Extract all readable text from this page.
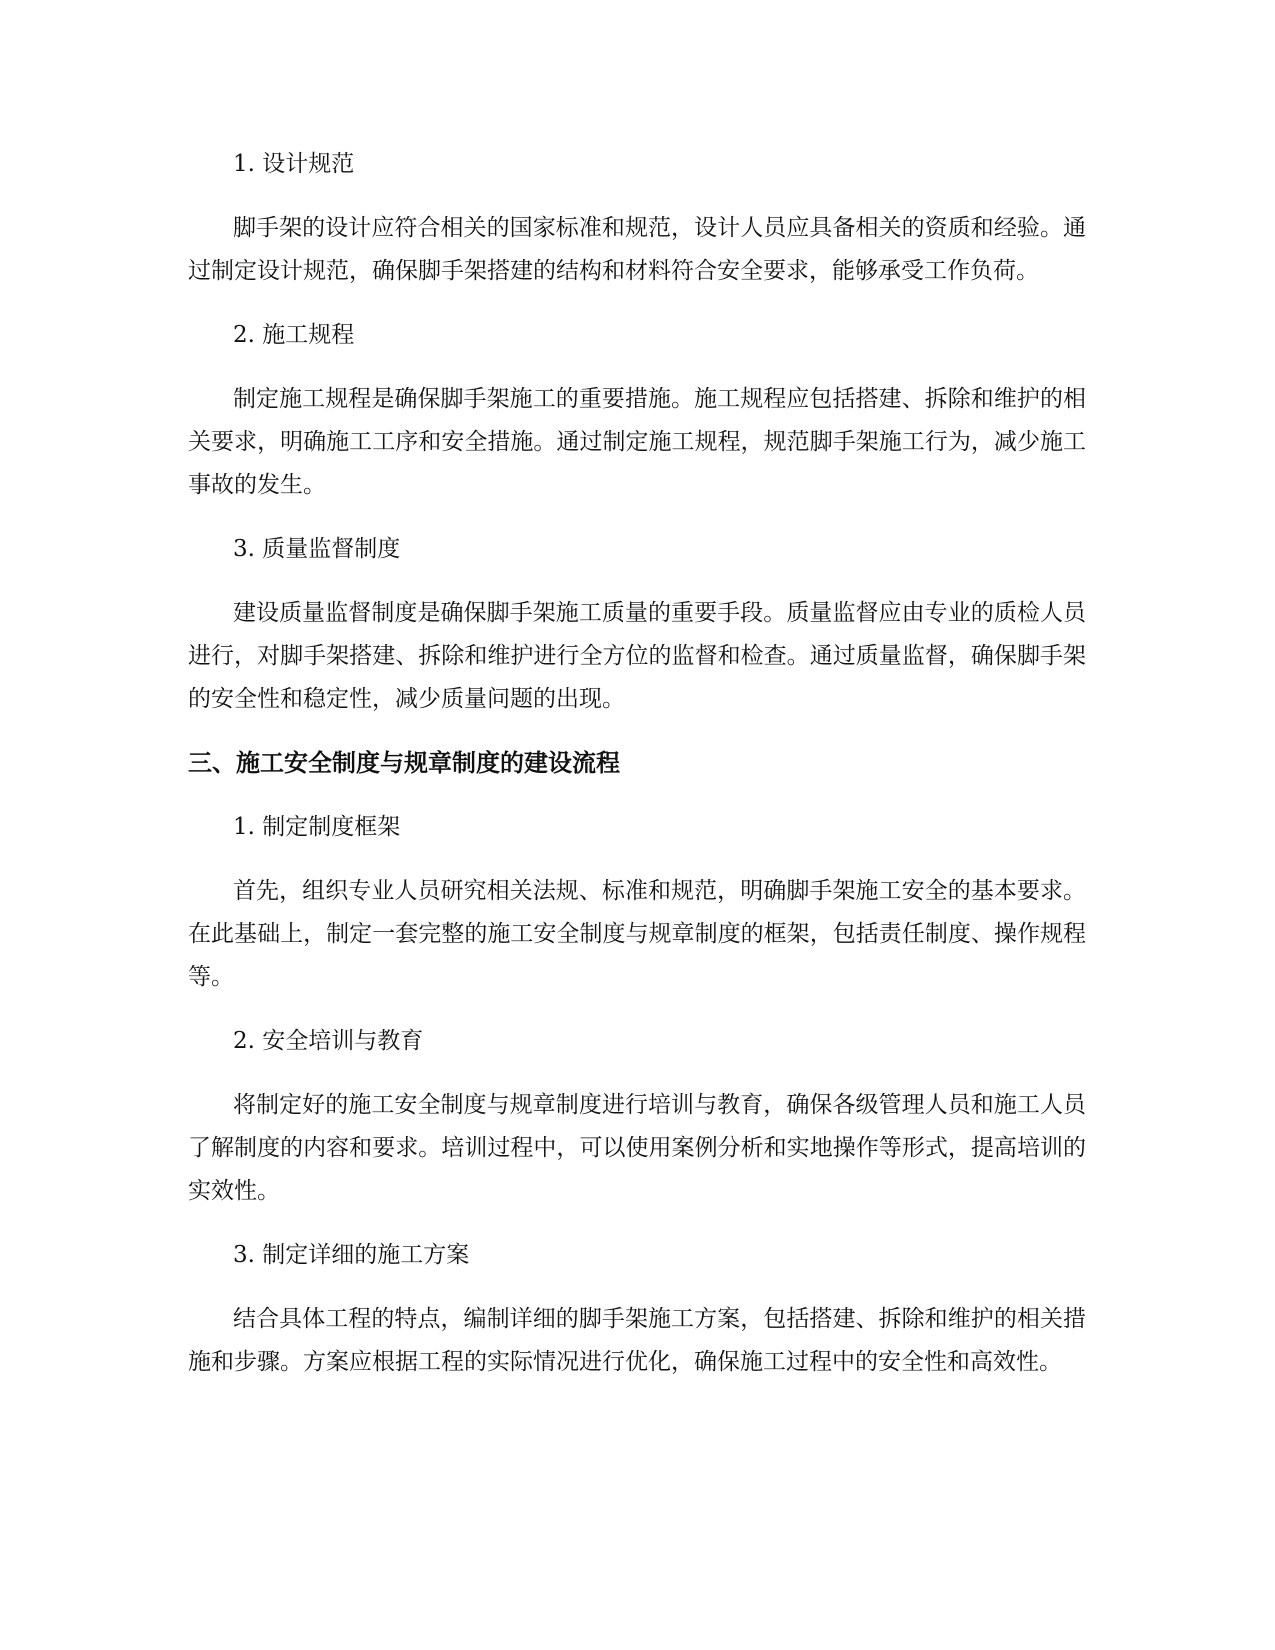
1. 设计规范

脚手架的设计应符合相关的国家标准和规范，设计人员应具备相关的资质和经验。通过制定设计规范，确保脚手架搭建的结构和材料符合安全要求，能够承受工作负荷。

2. 施工规程

制定施工规程是确保脚手架施工的重要措施。施工规程应包括搭建、拆除和维护的相关要求，明确施工工序和安全措施。通过制定施工规程，规范脚手架施工行为，减少施工事故的发生。

3. 质量监督制度

建设质量监督制度是确保脚手架施工质量的重要手段。质量监督应由专业的质检人员进行，对脚手架搭建、拆除和维护进行全方位的监督和检查。通过质量监督，确保脚手架的安全性和稳定性，减少质量问题的出现。

三、施工安全制度与规章制度的建设流程
1. 制定制度框架

首先，组织专业人员研究相关法规、标准和规范，明确脚手架施工安全的基本要求。在此基础上，制定一套完整的施工安全制度与规章制度的框架，包括责任制度、操作规程等。

2. 安全培训与教育

将制定好的施工安全制度与规章制度进行培训与教育，确保各级管理人员和施工人员了解制度的内容和要求。培训过程中，可以使用案例分析和实地操作等形式，提高培训的实效性。

3. 制定详细的施工方案

结合具体工程的特点，编制详细的脚手架施工方案，包括搭建、拆除和维护的相关措施和步骤。方案应根据工程的实际情况进行优化，确保施工过程中的安全性和高效性。
